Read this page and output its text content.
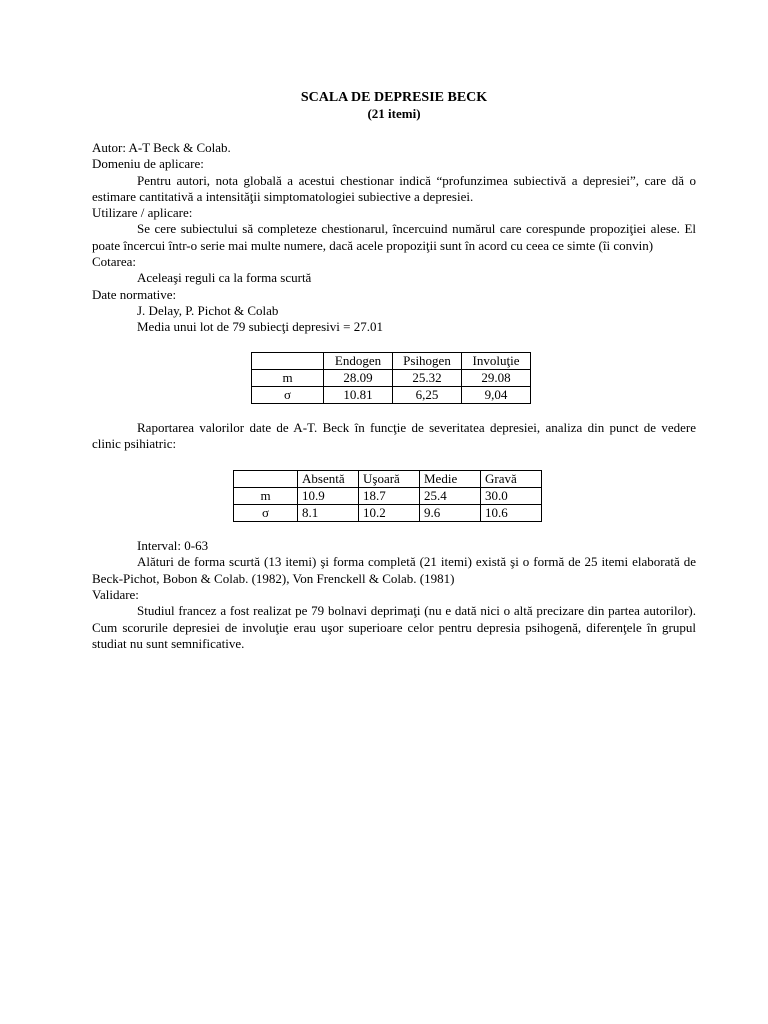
SCALA DE DEPRESIE BECK
(21 itemi)
Autor: A-T Beck & Colab.
Domeniu de aplicare:
Pentru autori, nota globală a acestui chestionar indică “profunzimea subiectivă a depresiei”, care dă o estimare cantitativă a intensităţii simptomatologiei subiective a depresiei.
Utilizare / aplicare:
Se cere subiectului să completeze chestionarul, încercuind numărul care corespunde propoziţiei alese. El poate încercui într-o serie mai multe numere, dacă acele propoziţii sunt în acord cu ceea ce simte (îi convin)
Cotarea:
Aceleaşi reguli ca la forma scurtă
Date normative:
J. Delay, P. Pichot & Colab
Media unui lot de 79 subiecţi depresivi = 27.01
	Endogen	Psihogen	Involuţie
m	28.09	25.32	29.08
σ	10.81	6,25	9,04
Raportarea valorilor date de A-T. Beck în funcţie de severitatea depresiei, analiza din punct de vedere clinic psihiatric:
	Absentă	Uşoară	Medie	Gravă
m	10.9	18.7	25.4	30.0
σ	8.1	10.2	9.6	10.6
Interval: 0-63
Alături de forma scurtă (13 itemi) şi forma completă (21 itemi) există şi o formă de 25 itemi elaborată de Beck-Pichot, Bobon & Colab. (1982), Von Frenckell & Colab. (1981)
Validare:
Studiul francez a fost realizat pe 79 bolnavi deprimaţi (nu e dată nici o altă precizare din partea autorilor). Cum scorurile depresiei de involuţie erau uşor superioare celor pentru depresia psihogenă, diferenţele în grupul studiat nu sunt semnificative.
